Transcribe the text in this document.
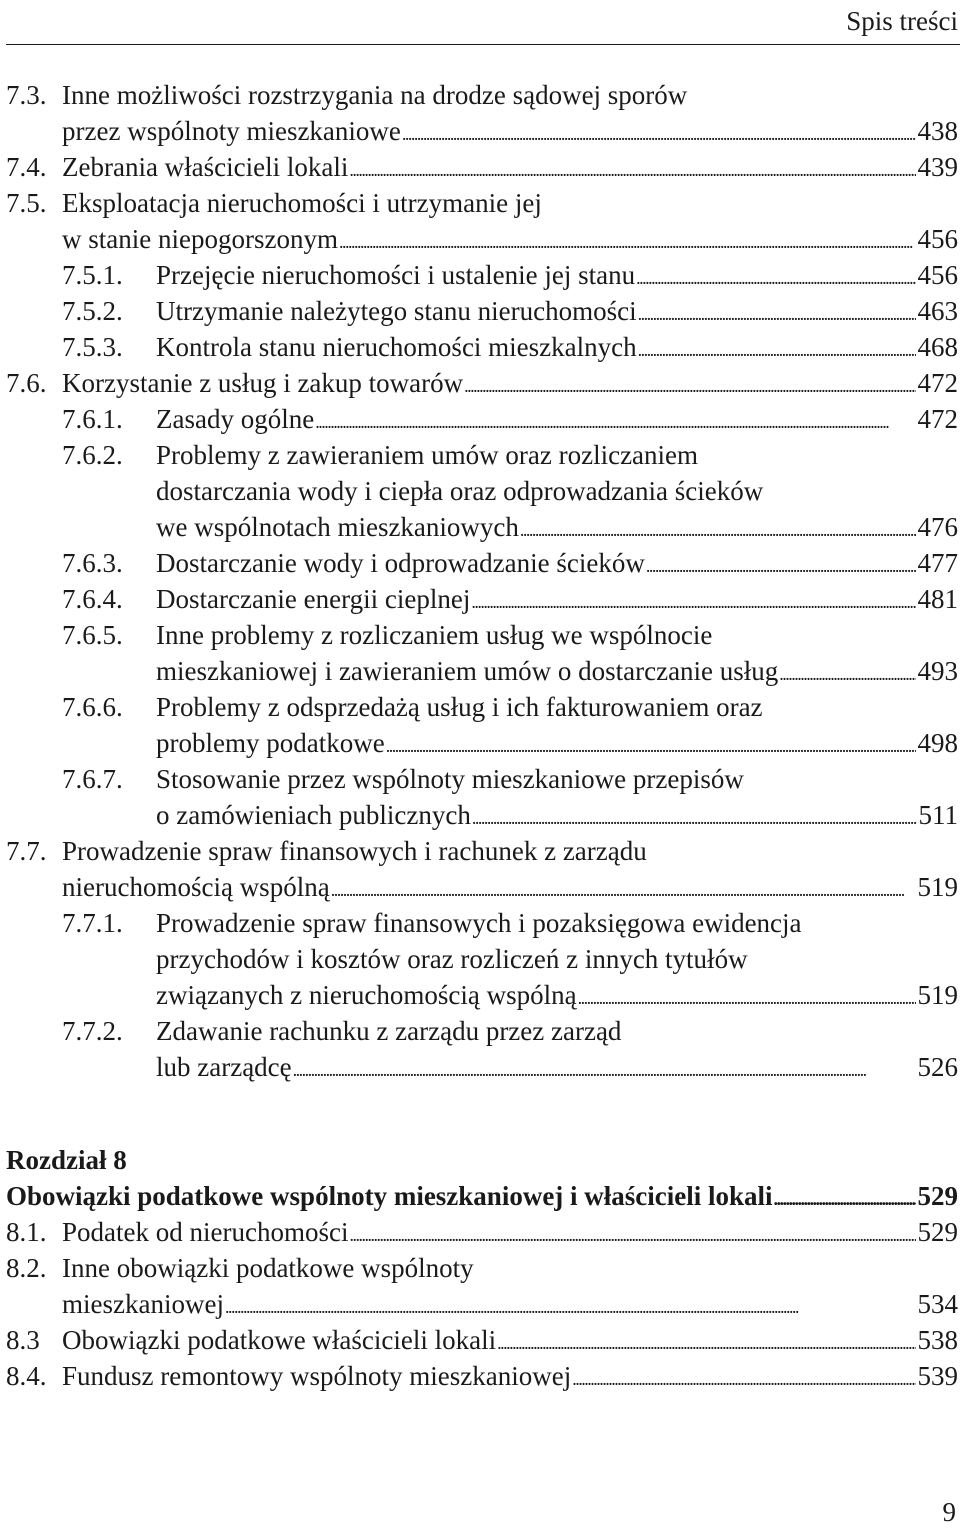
Spis treści
7.3. Inne możliwości rozstrzygania na drodze sądowej sporów
przez wspólnoty mieszkaniowe . . .	438
7.4. Zebrania właścicieli lokali . . .	439
7.5. Eksploatacja nieruchomości i utrzymanie jej
w stanie niepogorszonym . . .	456
7.5.1. Przejęcie nieruchomości i ustalenie jej stanu . . .	456
7.5.2. Utrzymanie należytego stanu nieruchomości . . .	463
7.5.3. Kontrola stanu nieruchomości mieszkalnych . . .	468
7.6. Korzystanie z usług i zakup towarów . . .	472
7.6.1. Zasady ogólne . . .	472
7.6.2. Problemy z zawieraniem umów oraz rozliczaniem
dostarczania wody i ciepła oraz odprowadzania ścieków
we wspólnotach mieszkaniowych . . .	476
7.6.3. Dostarczanie wody i odprowadzanie ścieków . . .	477
7.6.4. Dostarczanie energii cieplnej . . .	481
7.6.5. Inne problemy z rozliczaniem usług we wspólnocie
mieszkaniowej i zawieraniem umów o dostarczanie usług . . .	493
7.6.6. Problemy z odsprzedażą usług i ich fakturowaniem oraz
problemy podatkowe . . .	498
7.6.7. Stosowanie przez wspólnoty mieszkaniowe przepisów
o zamówieniach publicznych . . .	511
7.7. Prowadzenie spraw finansowych i rachunek z zarządu
nieruchomością wspólną . . .	519
7.7.1. Prowadzenie spraw finansowych i pozaksięgowa ewidencja
przychodów i kosztów oraz rozliczeń z innych tytułów
związanych z nieruchomością wspólną . . .	519
7.7.2. Zdawanie rachunku z zarządu przez zarząd
lub zarządcę . . .	526
Rozdział 8
Obowiązki podatkowe wspólnoty mieszkaniowej i właścicieli lokali . . .	529
8.1. Podatek od nieruchomości . . .	529
8.2. Inne obowiązki podatkowe wspólnoty
mieszkaniowej . . .	534
8.3 Obowiązki podatkowe właścicieli lokali . . .	538
8.4. Fundusz remontowy wspólnoty mieszkaniowej . . .	539
9
